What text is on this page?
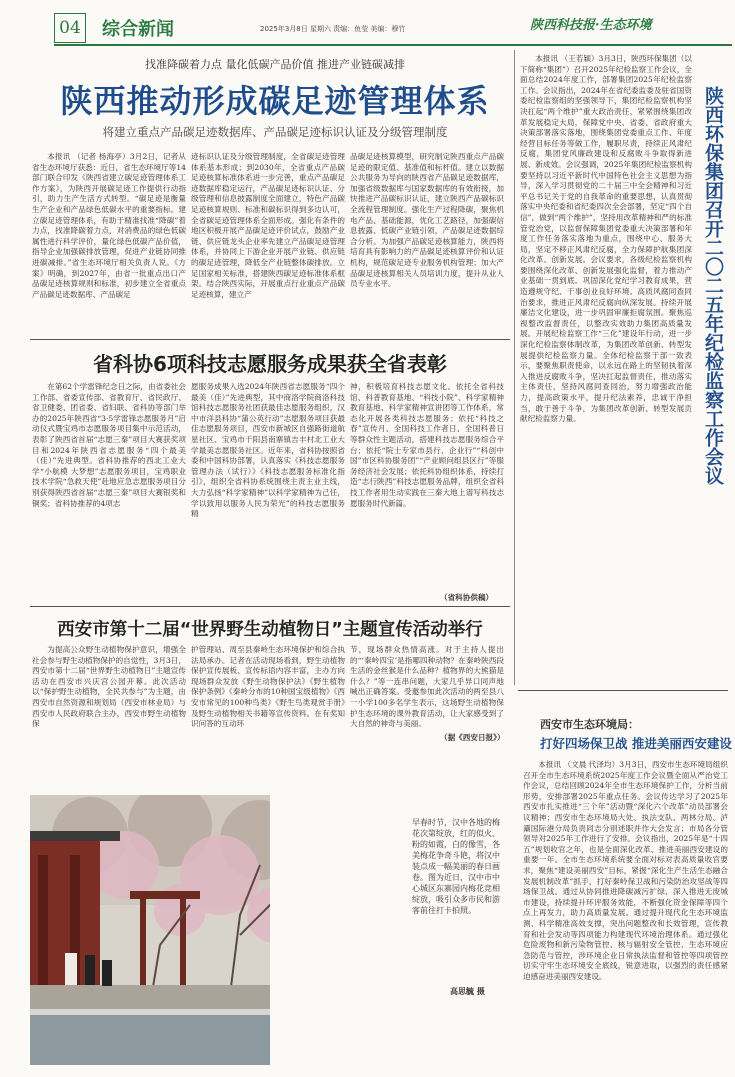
04 综合新闻	2025年3月8日 星期六 责编：鱼莹 美编：穆竹	陕西科技报·生态环境
找准降碳着力点 量化低碳产品价值 推进产业链碳减排
陕西推动形成碳足迹管理体系
将建立重点产品碳足迹数据库、产品碳足迹标识认证及分级管理制度

本报讯 （记者 杨海亭）3月2日，记者从省生态环境厅获悉：近日，省生态环境厅等14部门联合印发《陕西省建立碳足迹管理体系工作方案》，为陕西开展碳足迹工作提供行动指引，助力生产生活方式转型。“碳足迹是衡量生产企业和产品绿色低碳水平的重要指标。建立碳足迹管理体系，有助于精准找准“降碳”着力点，找准降碳着力点，对消费品的绿色低碳属性进行科学评价，量化绿色低碳产品价值，指导企业加强碳排放管理，促进产业链协同推进碳减排。”省生态环境厅相关负责人说。《方案》明确，到2027年，由省一批重点出口产品碳足迹核算规则和标准，初步建立全省重点产品碳足迹数据库、产品碳足

迹标识认证及分级管理制度，全省碳足迹管理体系基本形成；到2030年，全省重点产品碳足迹核算标准体系进一步完善，重点产品碳足迹数据库稳定运行，产品碳足迹标识认证、分级管理和信息披露制度全面建立，特色产品碳足迹核算规则、标准和碳标识得到多边认可，全省碳足迹管理体系全面形成。强化有条件的地区积极开展产品碳足迹评价试点，鼓励产业链、供应链龙头企业率先建立产品碳足迹管理体系，并协同上下游企业开展产业链、供应链的碳足迹管理，降低全产业链整体碳排放。立足国家相关标准，搭建陕西碳足迹标准体系框架。结合陕西实际，开展重点行业重点产品碳足迹核算，建立产

品碳足迹核算模型，研究制定陕西重点产品碳足迹的限定值、基准值和标杆值。建立以数据公共服务为导向的陕西省产品碳足迹数据库，加强省级数据库与国家数据库的有效衔接，加快推进产品碳标识认证，建立陕西产品碳标识全流程管理制度。强化生产过程降碳，聚焦机电产品、基础能源，优化工艺路径，加强碳信息披露、低碳产业链引领，产品碳足迹数据综合分析。为加强产品碳足迹核算能力，陕西将培育具有影响力的产品碳足迹核算评价和认证机构，规范碳足迹专业服务机构管理；加大产品碳足迹核算相关人员培训力度，提升从业人员专业水平。

本报讯 （王若颖）3月3日，陕西环保集团（以下简称“集团”）召开2025年纪检监察工作会议，全面总结2024年度工作，部署集团2025年纪检监察工作。会议指出，2024年在省纪委监委及驻省国资委纪检监察组的坚强领导下，集团纪检监察机构坚决扛起“两个维护”重大政治责任，紧紧围绕集团改革发展稳定大局，保障党中央、省委、省政府重大决策部署落实落地，围绕集团党委重点工作、年度经营目标任务等做工作，履职尽责，持续正风肃纪反腐，集团党风廉政建设和反腐败斗争取得新进展、新成效。会议强调，2025年集团纪检监察机构要坚持以习近平新时代中国特色社会主义思想为指导，深入学习贯彻党的二十届三中全会精神和习近平总书记关于党的自我革命的重要思想，认真贯彻落实中央纪委和省纪委四次全会部署，坚定“四个自信”，做到“两个维护”，坚持用改革精神和严的标准管党治党，以监督保障集团党委重大决策部署和年度工作任务落实落地为重点，围绕中心、服务大局，坚定不移正风肃纪反腐，全力保障护航集团深化改革、创新发展。会议要求，各级纪检监察机构要围绕深化改革、创新发展强化监督，着力推动产业基础一贯到底。巩固深化党纪学习教育成果，营造遵规守纪、干事创业良好环境。高质风腐同查同治要求，推进正风肃纪反腐向纵深发展。持续开展廉洁文化建设，进一步巩固审廉拒腐氛围。聚焦巡视整改监督责任，以整改实效助力集团高质量发展。开展纪检监察工作“三化”建设年行动，进一步深化纪检监察体制改革，为集团改革创新、转型发展提供纪检监察力量。全体纪检监察干部一致表示，要聚焦职责使命，以永远在路上的坚韧执着深入推进反腐败斗争，坚决扛起监督责任，推动落实主体责任，坚持风腐同查同治，努力增强政治能力，提高政策水平，提升纪法素养，忠诚干净担当，敢于善于斗争，为集团改革创新、转型发展贡献纪检监察力量。	陕西环保集团召开二〇二五年纪检监察工作会议
省科协6项科技志愿服务成果获全省表彰

在第62个学雷锋纪念日之际，由省委社会工作部、省委宣传部、省教育厅、省民政厅、省卫健委、团省委、省妇联、省科协等部门举办的2025年陕西省“3·5学雷锋志愿服务月”启动仪式暨宝鸡市志愿服务项目集中示范活动，表彰了陕西省首届“志愿三秦”项目大赛获奖项目和2024年陕西省志愿服务“四个最美（佳）”先进典型。省科协推荐的西北工业大学“小航模 大梦想”志愿服务项目，宝鸡职业技术学院“急救天使”赴地应急志愿服务项目分别获得陕西省首届“志愿三秦”项目大赛银奖和铜奖；省科协推荐的4项志

愿服务成果入选2024年陕西省志愿服务“四个最美（佳）”先进典型，其中商洛学院商洛科技馆科技志愿服务社团获最佳志愿服务组织，汉中市洋县科协“蒲公英行动”志愿服务项目获最佳志愿服务项目，西安市新城区自强路街道航星社区、宝鸡市千阳县南寨镇吉丰村北工业大学最美志愿服务社区。近年来，省科协按照省委和中国科协部署，认真落实《科技志愿服务管理办法（试行）》《科技志愿服务标准化指引》，组织全省科协系统围绕主责主业主线，大力弘扬“科学家精神”以科学家精神为己任，学以致用以服务人民为荣光”的科技志愿服务精

神，积极培育科技志愿文化。依托全省科技馆、科普教育基地、“科技小院”、科学家精神教育基地、科学家精神宣讲团等工作体系，常态化开展各类科技志愿服务；依托“科技之春”宣传月、全国科技工作者日、全国科普日等群众性主题活动，搭建科技志愿服务综合平台；依托“院士专家市县行、企业行”“科创中国”市区科协服务团”“产业顾问组县区行”等服务经济社会发展；依托科协组织体系，持续打造“志行陕西”科技志愿服务品牌，组织全省科技工作者用生动实践在三秦大地上谱写科技志愿服务时代新篇。

（省科协供稿）
西安市第十二届“世界野生动植物日”主题宣传活动举行

为提高公众野生动植物保护意识，增强全社会参与野生动植物保护的自觉性，3月3日，西安市第十二届“世界野生动植物日”主题宣传活动在西安市兴庆宫公园开幕。此次活动以“保护野生动植物，全民共参与”为主题，由西安市自然资源和规划局（西安市林业局）与西安市人民政府联合主办，西安市野生动植物保

护管理站、周至县秦岭生态环境保护和综合执法局承办。记者在活动现场看到，野生动植物保护宣传展板、宣传标语内容丰富，主办方向现场群众发放《野生动物保护法》《野生植物保护条例》《秦岭分布的10种国宝级植物》《西安市常见的100种鸟类》《野生鸟类观赏手册》及野生动植物相关书籍等宣传资料。在有奖知识问答的互动环

节，现场群众热情高涨。对于主持人提出的“‘秦岭四宝’是指哪四种动物？在秦岭陕西段生活的金丝猴是什么品种？植物界的大熊猫是什么？”等一连串问题，大家几乎异口同声地喊出正确答案。受邀参加此次活动的两至县八一小学100多名学生表示，这场野生动植物保护生态环境的课外教育活动，让大家感受到了大自然的神奇与美丽。

（据《西安日报》）
早春时节，汉中各地的梅花次第绽放，红的似火、粉的如霞，白的像雪，各美梅花争奇斗艳，将汉中装点成一幅美丽的春日画卷。图为近日，汉中市中心城区东寨园内梅花竞相绽放，吸引众多市民和游客前往打卡拍照。
高思毓 摄
西安市生态环境局：
打好四场保卫战 推进美丽西安建设

本报讯 （文晨 代泽均）3月3日，西安市生态环境局组织召开全市生态环境系统2025年度工作会议暨全面从严治党工作会议，总结回顾2024年全市生态环境保护工作，分析当前形势，安排部署2025年重点任务。会议传达学习了2025年西安市扎实推进“三个年”活动暨“深化六个改革”动员部署会议精神；西安市生态环境局大处、执法支队、两林分局、泸灞国际港分局负责同志分别述职并作大会发言；市局各分管领导对2025年工作进行了安排。会议指出，2025年是“十四五”规划收官之年，也是全面深化改革、推进美丽西安建设的重要一年。全市生态环境系统要全面对标对表高质量收官要求，聚焦“建设美丽西安”目标，紧握“深化生产生活生态融合发展机制改革”抓手，打好秦岭保卫战和污染防治攻坚战等四场保卫战。通过从协同推进降碳减污扩绿、深入推进无废城市建设，持续提升环评服务效能，不断强化资金保障等四个点上再发力，助力高质量发展。通过提升现代化生态环境监测、科学精准高效支撑，突出问题整改和长效管理，宣传教育和社会发动等四项能力构建现代环境治理体系。通过强化危险废物和新污染物管控、核与辐射安全管控、生态环境应急防范与管控，涉环境企业日常执法监督和管控等四项管控切实守牢生态环境安全底线，锐意进取，以强烈的责任感紧迫感奋进美丽西安建设。
